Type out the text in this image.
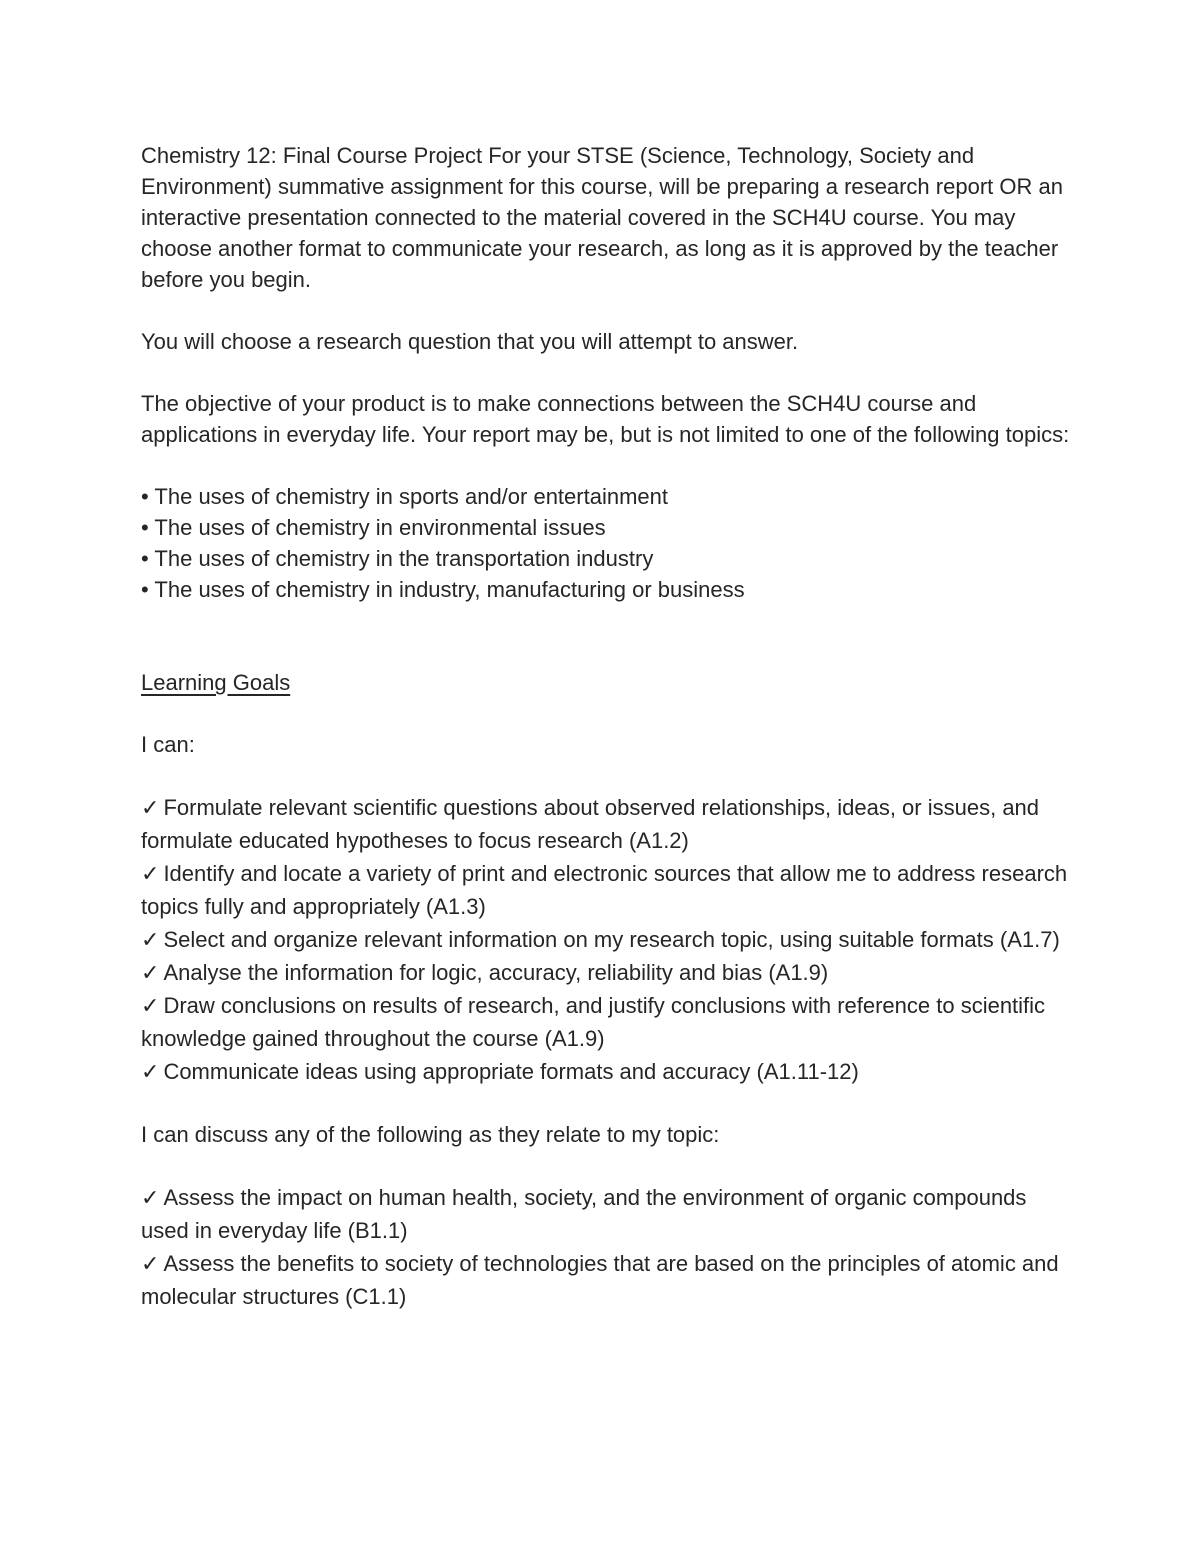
Chemistry 12: Final Course Project For your STSE (Science, Technology, Society and Environment) summative assignment for this course, will be preparing a research report OR an interactive presentation connected to the material covered in the SCH4U course. You may choose another format to communicate your research, as long as it is approved by the teacher before you begin.

You will choose a research question that you will attempt to answer.

The objective of your product is to make connections between the SCH4U course and applications in everyday life. Your report may be, but is not limited to one of the following topics:

• The uses of chemistry in sports and/or entertainment
• The uses of chemistry in environmental issues
• The uses of chemistry in the transportation industry
• The uses of chemistry in industry, manufacturing or business

Learning Goals

I can:

✓ Formulate relevant scientific questions about observed relationships, ideas, or issues, and formulate educated hypotheses to focus research (A1.2)
✓ Identify and locate a variety of print and electronic sources that allow me to address research topics fully and appropriately (A1.3)
✓ Select and organize relevant information on my research topic, using suitable formats (A1.7)
✓ Analyse the information for logic, accuracy, reliability and bias (A1.9)
✓ Draw conclusions on results of research, and justify conclusions with reference to scientific knowledge gained throughout the course (A1.9)
✓ Communicate ideas using appropriate formats and accuracy (A1.11-12)

I can discuss any of the following as they relate to my topic:

✓ Assess the impact on human health, society, and the environment of organic compounds used in everyday life (B1.1)
✓ Assess the benefits to society of technologies that are based on the principles of atomic and molecular structures (C1.1)
